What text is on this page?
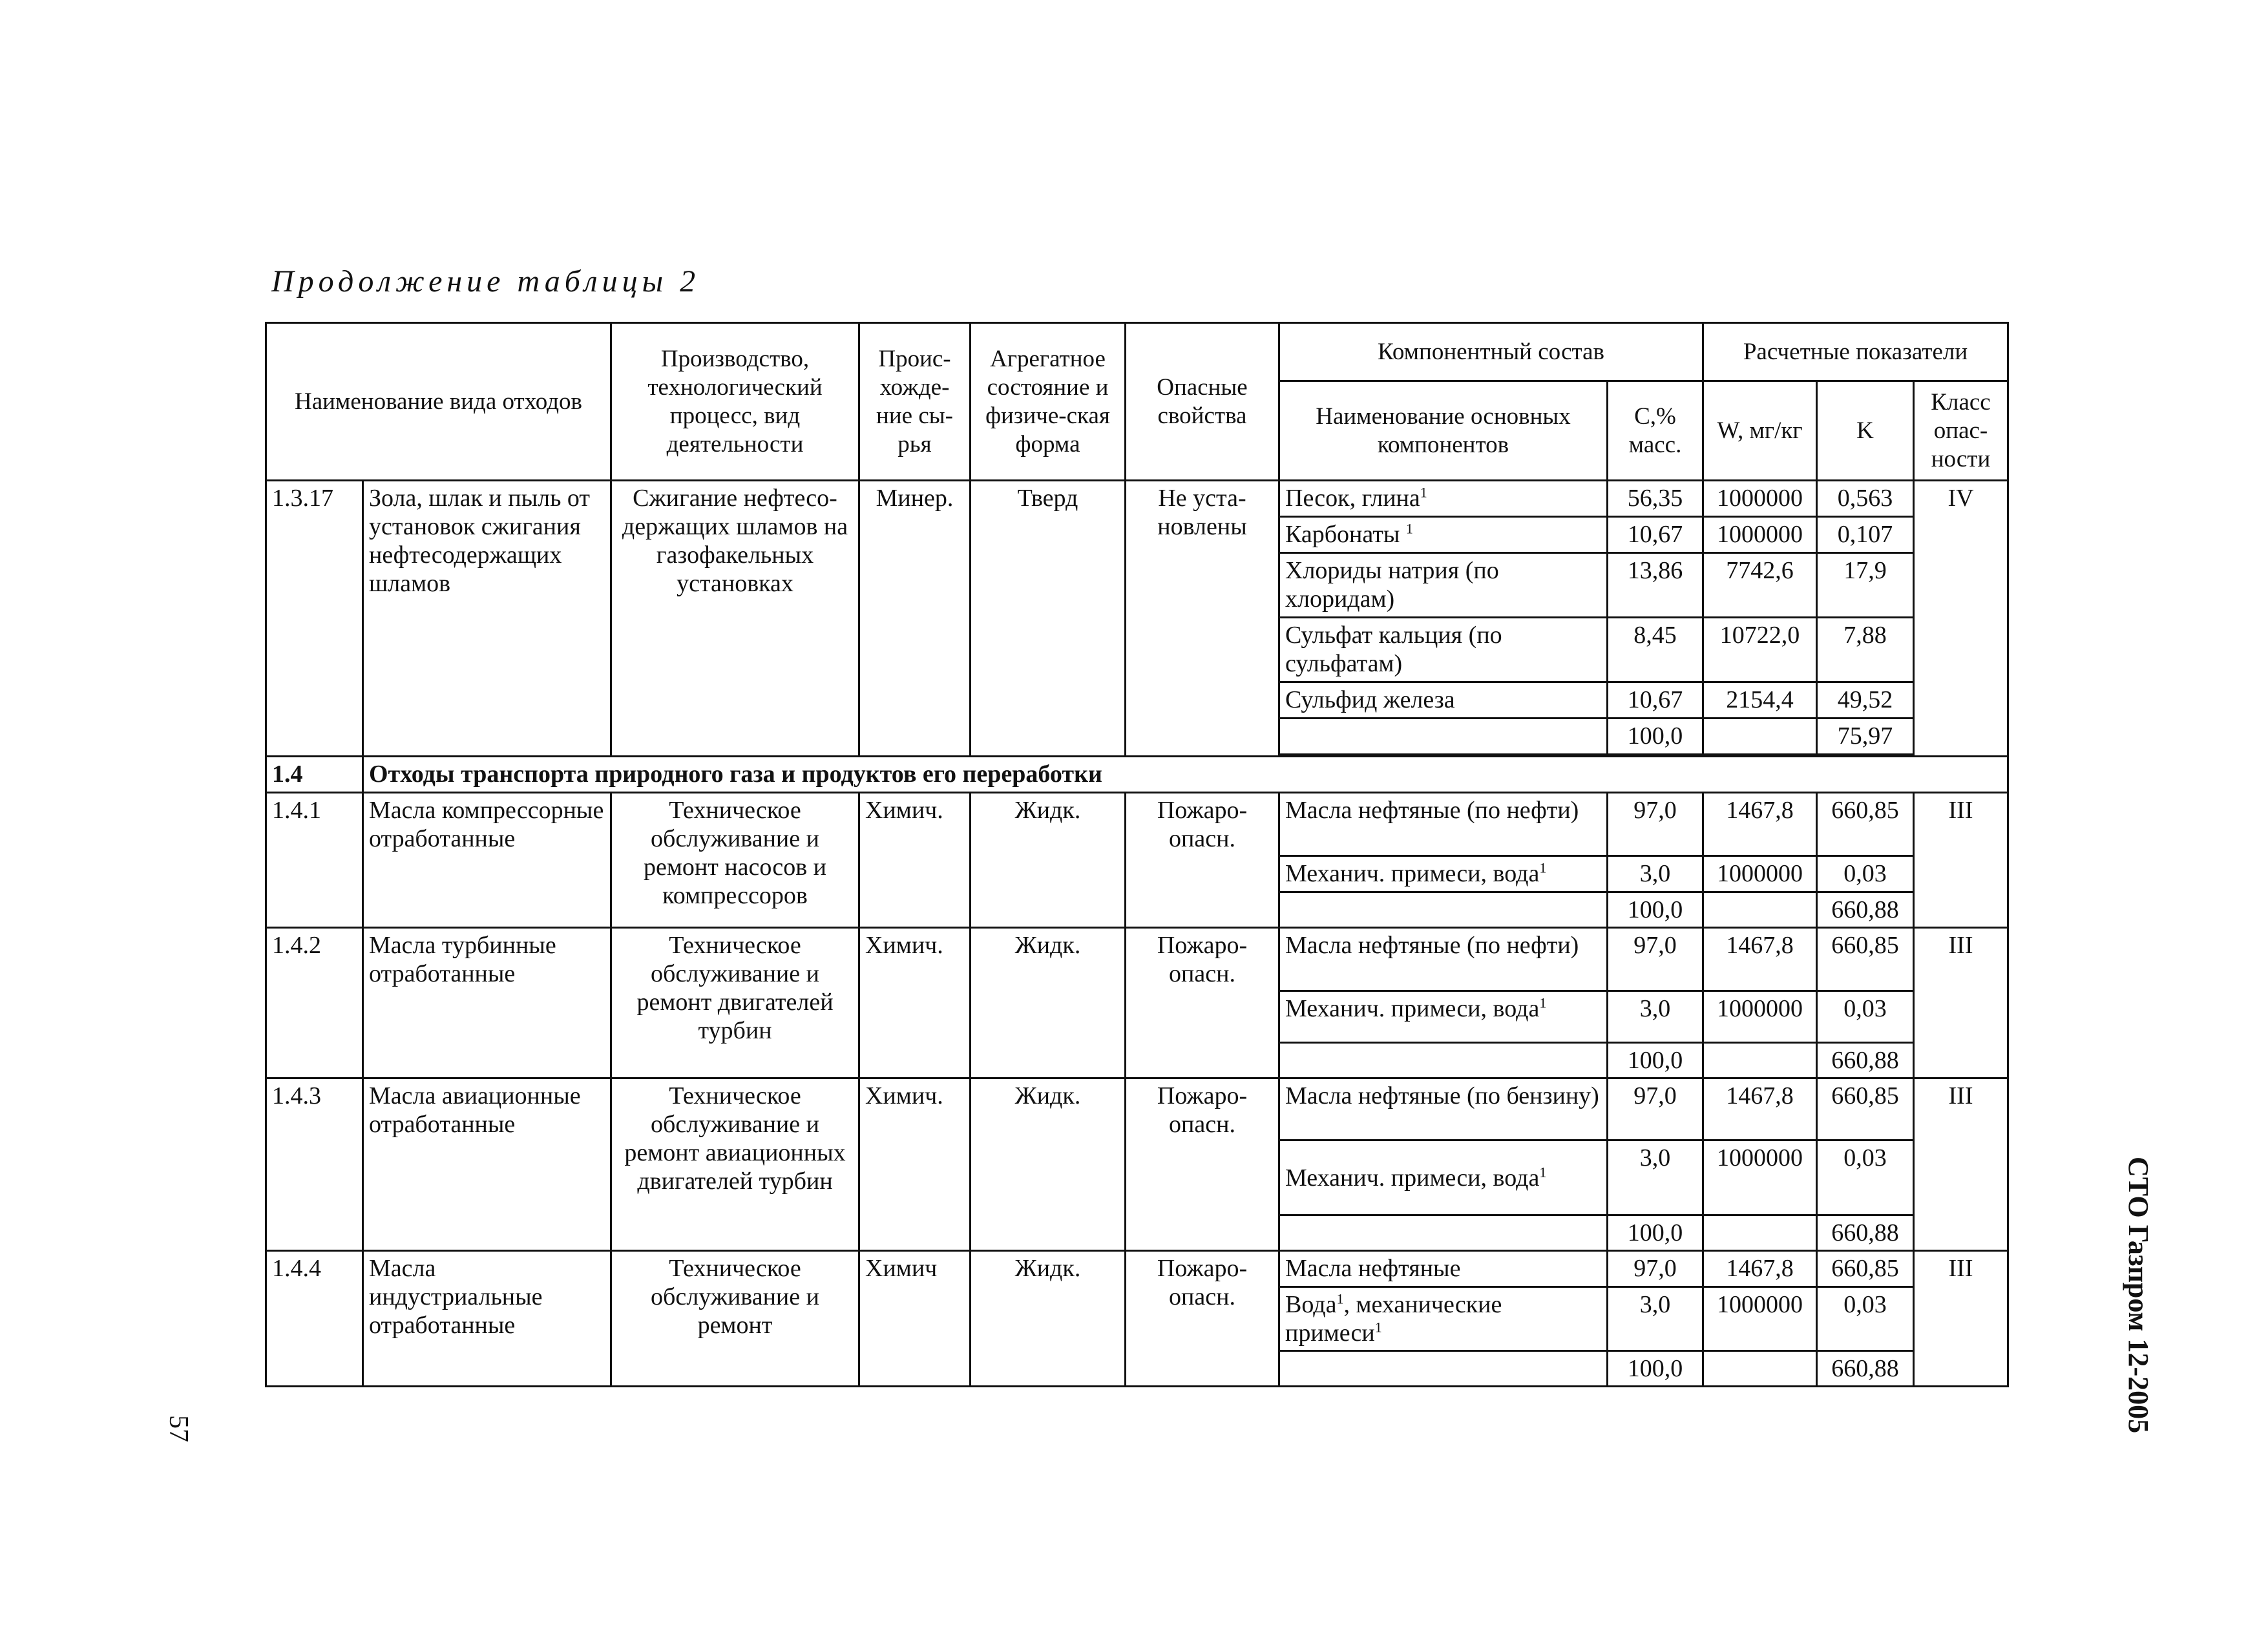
Продолжение таблицы 2
Наименование вида отходов		Производство, технологический процесс, вид деятельности	Проис-хожде-ние сы-рья	Агрегатное состояние и физиче-ская форма	Опасные свойства	Компонентный состав		Расчетные показатели		
						Наименование основных компонентов	С,% масс.	W, мг/кг	K	Класс опас-ности
1.3.17	Зола, шлак и пыль от установок сжигания нефтесодержащих шламов	Сжигание нефтесо-держащих шламов на газофакельных установках	Минер.	Тверд	Не уста-новлены	Песок, глина$^1$	56,35	1000000	0,563	IV
						Карбонаты $^1$	10,67	1000000	0,107	
						Хлориды натрия (по хлоридам)	13,86	7742,6	17,9	
						Сульфат кальция (по сульфатам)	8,45	10722,0	7,88	
						Сульфид железа	10,67	2154,4	49,52	
							100,0		75,97	

1.4	Отходы транспорта природного газа и продуктов его переработки									
1.4.1	Масла компрессорные отработанные	Техническое обслуживание и ремонт насосов и компрессоров	Химич.	Жидк.	Пожаро-опасн.	Масла нефтяные (по нефти)	97,0	1467,8	660,85	III
						Механич. примеси, вода$^1$	3,0	1000000	0,03	
							100,0		660,88	
1.4.2	Масла турбинные отработанные	Техническое обслуживание и ремонт двигателей турбин	Химич.	Жидк.	Пожаро-опасн.	Масла нефтяные (по нефти)	97,0	1467,8	660,85	III
						Механич. примеси, вода$^1$	3,0	1000000	0,03	
							100,0		660,88	
1.4.3	Масла авиационные отработанные	Техническое обслуживание и ремонт авиационных двигателей турбин	Химич.	Жидк.	Пожаро-опасн.	Масла нефтяные (по бензину)	97,0	1467,8	660,85	III
						Механич. примеси, вода$^1$	3,0	1000000	0,03	
							100,0		660,88	
1.4.4	Масла индустриальные отработанные	Техническое обслуживание и ремонт	Химич	Жидк.	Пожаро-опасн.	Масла нефтяные	97,0	1467,8	660,85	III
						Вода$^1$, механические примеси$^1$	3,0	1000000	0,03	
							100,0		660,88	
57	СТО Газпром 12-2005
